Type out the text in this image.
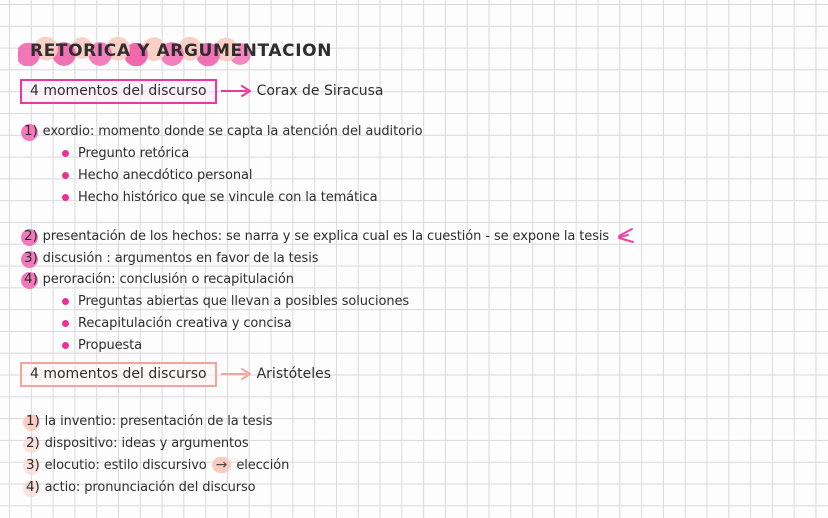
RETORICA Y ARGUMENTACION
4 momentos del discurso	Corax de Siracusa
1) exordio: momento donde se capta la atención del auditorio
Pregunto retórica
Hecho anecdótico personal
Hecho histórico que se vincule con la temática
2) presentación de los hechos: se narra y se explica cual es la cuestión - se expone la tesis
3) discusión : argumentos en favor de la tesis
4) peroración: conclusión o recapitulación
Preguntas abiertas que llevan a posibles soluciones
Recapitulación creativa y concisa
Propuesta
4 momentos del discurso	Aristóteles
1) la inventio: presentación de la tesis
2) dispositivo: ideas y argumentos
3) elocutio: estilo discursivo → elección
4) actio: pronunciación del discurso
